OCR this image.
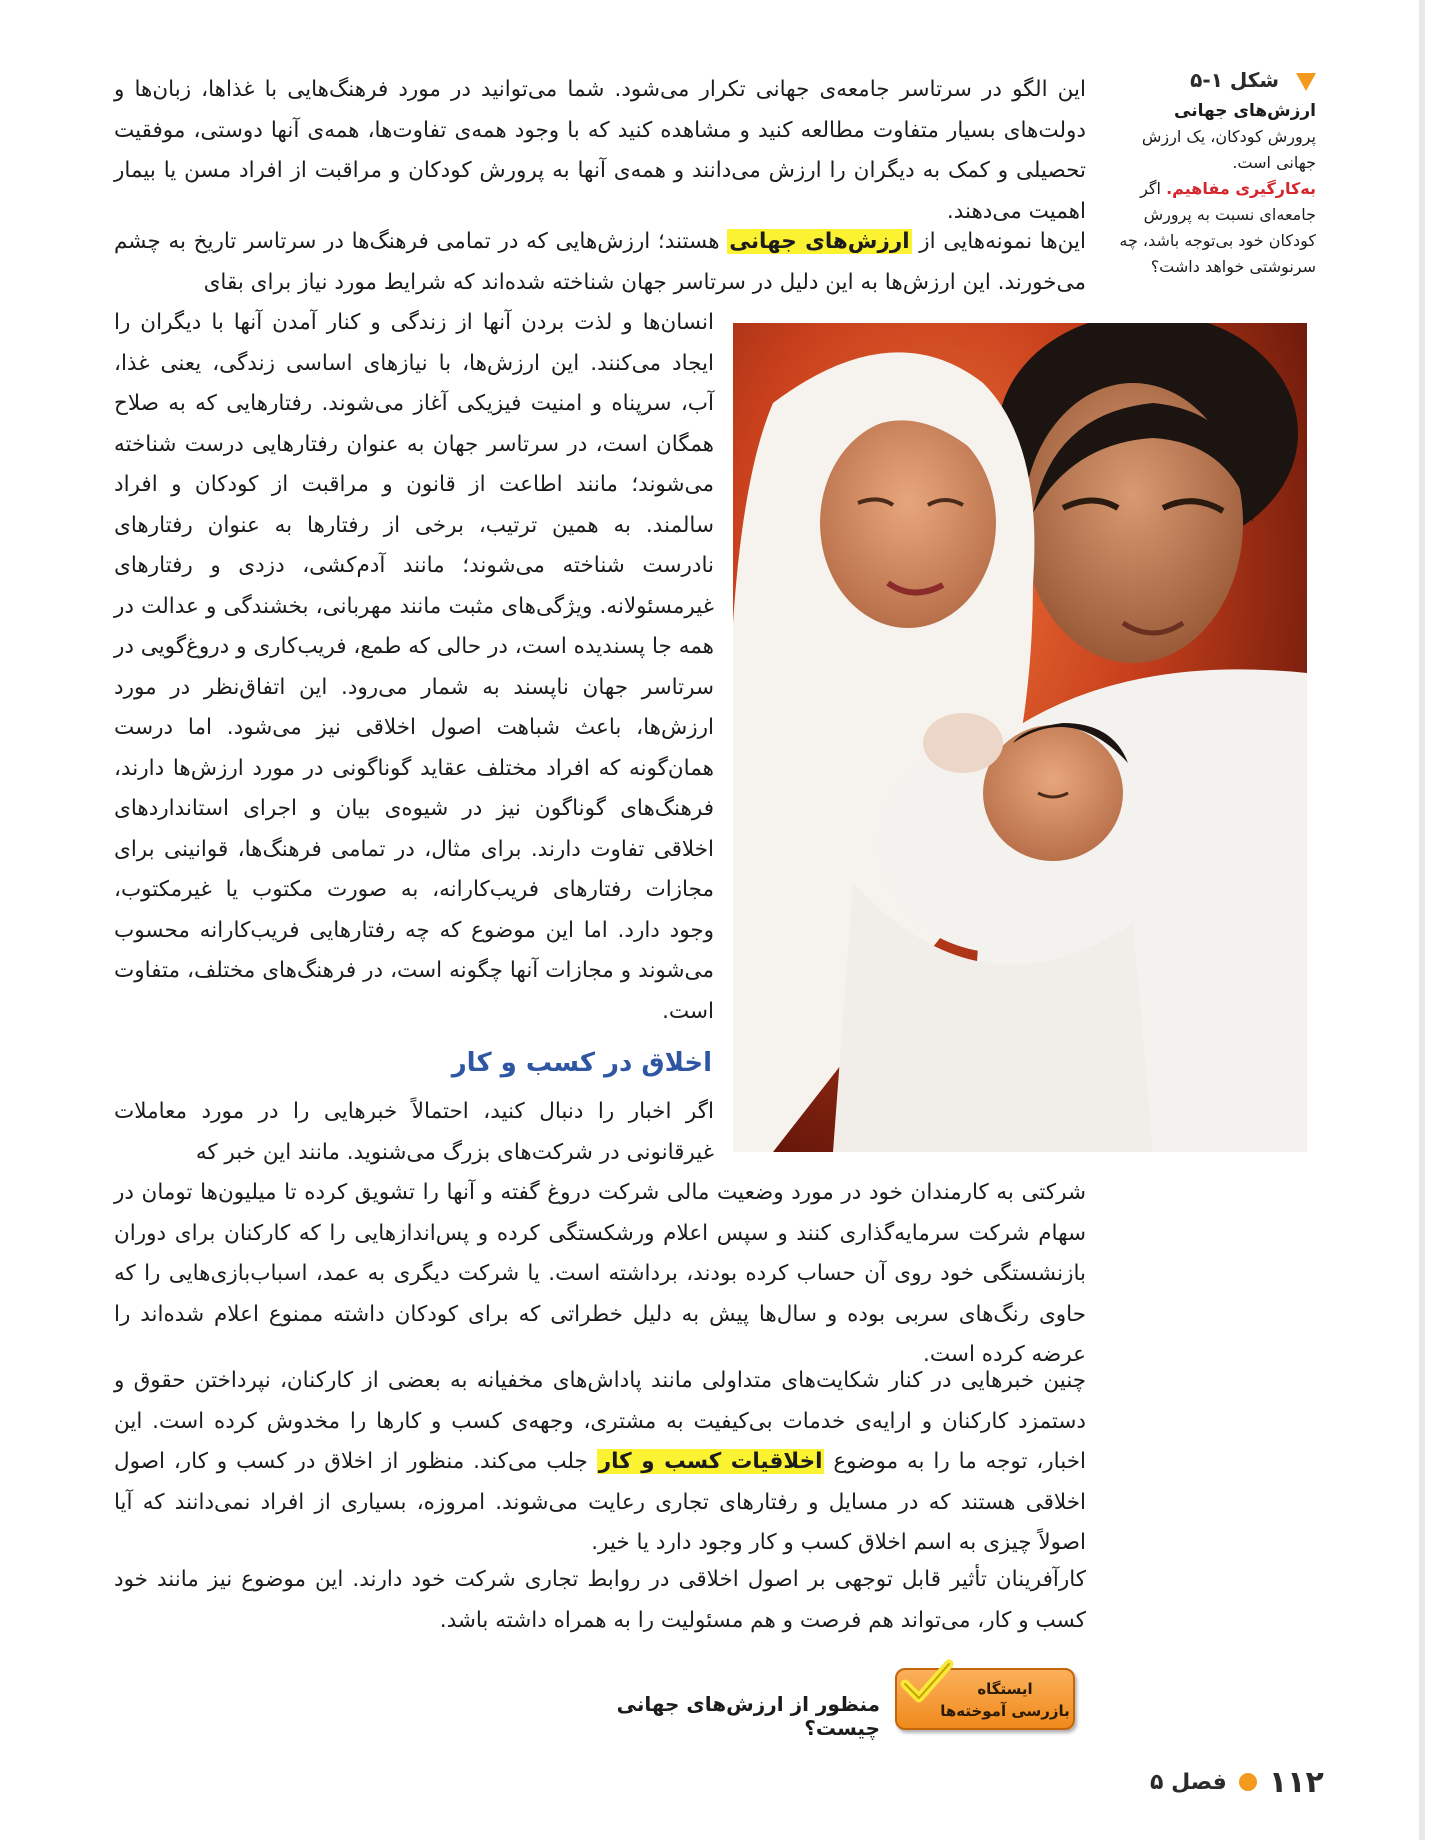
شکل ۱-۵
ارزش‌های جهانی
پرورش کودکان، یک ارزش جهانی است.
به‌کارگیری مفاهیم. اگر جامعه‌ای نسبت به پرورش کودکان خود بی‌توجه باشد، چه سرنوشتی خواهد داشت؟
این الگو در سرتاسر جامعه‌ی جهانی تکرار می‌شود. شما می‌توانید در مورد فرهنگ‌هایی با غذاها، زبان‌ها و دولت‌های بسیار متفاوت مطالعه کنید و مشاهده کنید که با وجود همه‌ی تفاوت‌ها، همه‌ی آنها دوستی، موفقیت تحصیلی و کمک به دیگران را ارزش می‌دانند و همه‌ی آنها به پرورش کودکان و مراقبت از افراد مسن یا بیمار اهمیت می‌دهند.
این‌ها نمونه‌هایی از ارزش‌های جهانی هستند؛ ارزش‌هایی که در تمامی فرهنگ‌ها در سرتاسر تاریخ به چشم می‌خورند. این ارزش‌ها به این دلیل در سرتاسر جهان شناخته شده‌اند که شرایط مورد نیاز برای بقای
انسان‌ها و لذت بردن آنها از زندگی و کنار آمدن آنها با دیگران را ایجاد می‌کنند. این ارزش‌ها، با نیازهای اساسی زندگی، یعنی غذا، آب، سرپناه و امنیت فیزیکی آغاز می‌شوند. رفتارهایی که به صلاح همگان است، در سرتاسر جهان به عنوان رفتارهایی درست شناخته می‌شوند؛ مانند اطاعت از قانون و مراقبت از کودکان و افراد سالمند. به همین ترتیب، برخی از رفتارها به عنوان رفتارهای نادرست شناخته می‌شوند؛ مانند آدم‌کشی، دزدی و رفتارهای غیرمسئولانه. ویژگی‌های مثبت مانند مهربانی، بخشندگی و عدالت در همه جا پسندیده است، در حالی که طمع، فریب‌کاری و دروغ‌گویی در سرتاسر جهان ناپسند به شمار می‌رود. این اتفاق‌نظر در مورد ارزش‌ها، باعث شباهت اصول اخلاقی نیز می‌شود. اما درست همان‌گونه که افراد مختلف عقاید گوناگونی در مورد ارزش‌ها دارند، فرهنگ‌های گوناگون نیز در شیوه‌ی بیان و اجرای استانداردهای اخلاقی تفاوت دارند. برای مثال، در تمامی فرهنگ‌ها، قوانینی برای مجازات رفتارهای فریب‌کارانه، به صورت مکتوب یا غیرمکتوب، وجود دارد. اما این موضوع که چه رفتارهایی فریب‌کارانه محسوب می‌شوند و مجازات آنها چگونه است، در فرهنگ‌های مختلف، متفاوت است.
اخلاق در کسب و کار
اگر اخبار را دنبال کنید، احتمالاً خبرهایی را در مورد معاملات غیرقانونی در شرکت‌های بزرگ می‌شنوید. مانند این خبر که
شرکتی به کارمندان خود در مورد وضعیت مالی شرکت دروغ گفته و آنها را تشویق کرده تا میلیون‌ها تومان در سهام شرکت سرمایه‌گذاری کنند و سپس اعلام ورشکستگی کرده و پس‌اندازهایی را که کارکنان برای دوران بازنشستگی خود روی آن حساب کرده بودند، برداشته است. یا شرکت دیگری به عمد، اسباب‌بازی‌هایی را که حاوی رنگ‌های سربی بوده و سال‌ها پیش به دلیل خطراتی که برای کودکان داشته ممنوع اعلام شده‌اند را عرضه کرده است.
چنین خبرهایی در کنار شکایت‌های متداولی مانند پاداش‌های مخفیانه به بعضی از کارکنان، نپرداختن حقوق و دستمزد کارکنان و ارایه‌ی خدمات بی‌کیفیت به مشتری، وجهه‌ی کسب و کارها را مخدوش کرده است. این اخبار، توجه ما را به موضوع اخلاقیات کسب و کار جلب می‌کند. منظور از اخلاق در کسب و کار، اصول اخلاقی هستند که در مسایل و رفتارهای تجاری رعایت می‌شوند. امروزه، بسیاری از افراد نمی‌دانند که آیا اصولاً چیزی به اسم اخلاق کسب و کار وجود دارد یا خیر.
کارآفرینان تأثیر قابل توجهی بر اصول اخلاقی در روابط تجاری شرکت خود دارند. این موضوع نیز مانند خود کسب و کار، می‌تواند هم فرصت و هم مسئولیت را به همراه داشته باشد.
ایستگاه
بازرسی آموخته‌ها
منظور از ارزش‌های جهانی چیست؟
۱۱۲
فصل ۵
